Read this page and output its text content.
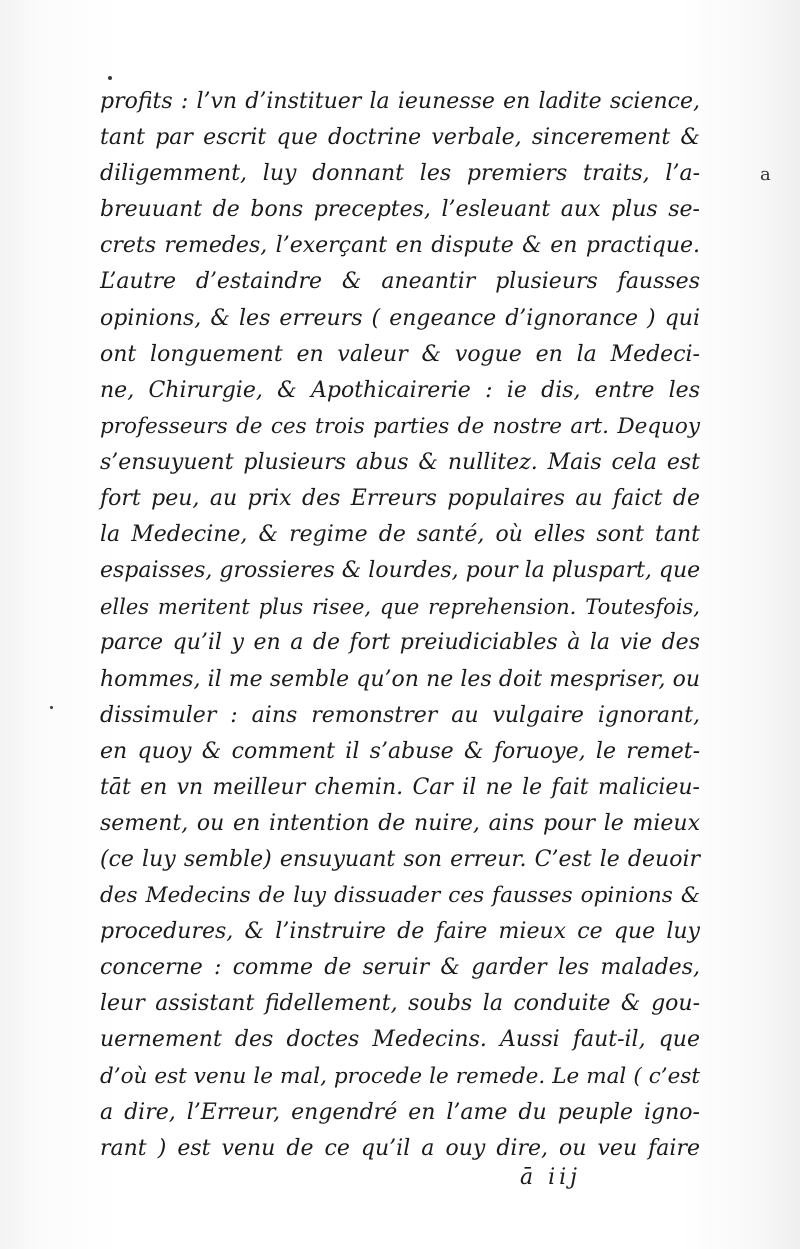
a
profits : l’vn d’instituer la ieunesse en ladite science,
tant par escrit que doctrine verbale, sincerement &
diligemment, luy donnant les premiers traits, l’a-
breuuant de bons preceptes, l’esleuant aux plus se-
crets remedes, l’exerçant en dispute & en practique.
L’autre d’estaindre & aneantir plusieurs fausses
opinions, & les erreurs ( engeance d’ignorance ) qui
ont longuement en valeur & vogue en la Medeci-
ne, Chirurgie, & Apothicairerie : ie dis, entre les
professeurs de ces trois parties de nostre art. Dequoy
s’ensuyuent plusieurs abus & nullitez. Mais cela est
fort peu, au prix des Erreurs populaires au faict de
la Medecine, & regime de santé, où elles sont tant
espaisses, grossieres & lourdes, pour la pluspart, que
elles meritent plus risee, que reprehension. Toutesfois,
parce qu’il y en a de fort preiudiciables à la vie des
hommes, il me semble qu’on ne les doit mespriser, ou
dissimuler : ains remonstrer au vulgaire ignorant,
en quoy & comment il s’abuse & foruoye, le remet-
tāt en vn meilleur chemin. Car il ne le fait malicieu-
sement, ou en intention de nuire, ains pour le mieux
(ce luy semble) ensuyuant son erreur. C’est le deuoir
des Medecins de luy dissuader ces fausses opinions &
procedures, & l’instruire de faire mieux ce que luy
concerne : comme de seruir & garder les malades,
leur assistant fidellement, soubs la conduite & gou-
uernement des doctes Medecins. Aussi faut-il, que
d’où est venu le mal, procede le remede. Le mal ( c’est
a dire, l’Erreur, engendré en l’ame du peuple igno-
rant ) est venu de ce qu’il a ouy dire, ou veu faire
ā iij
